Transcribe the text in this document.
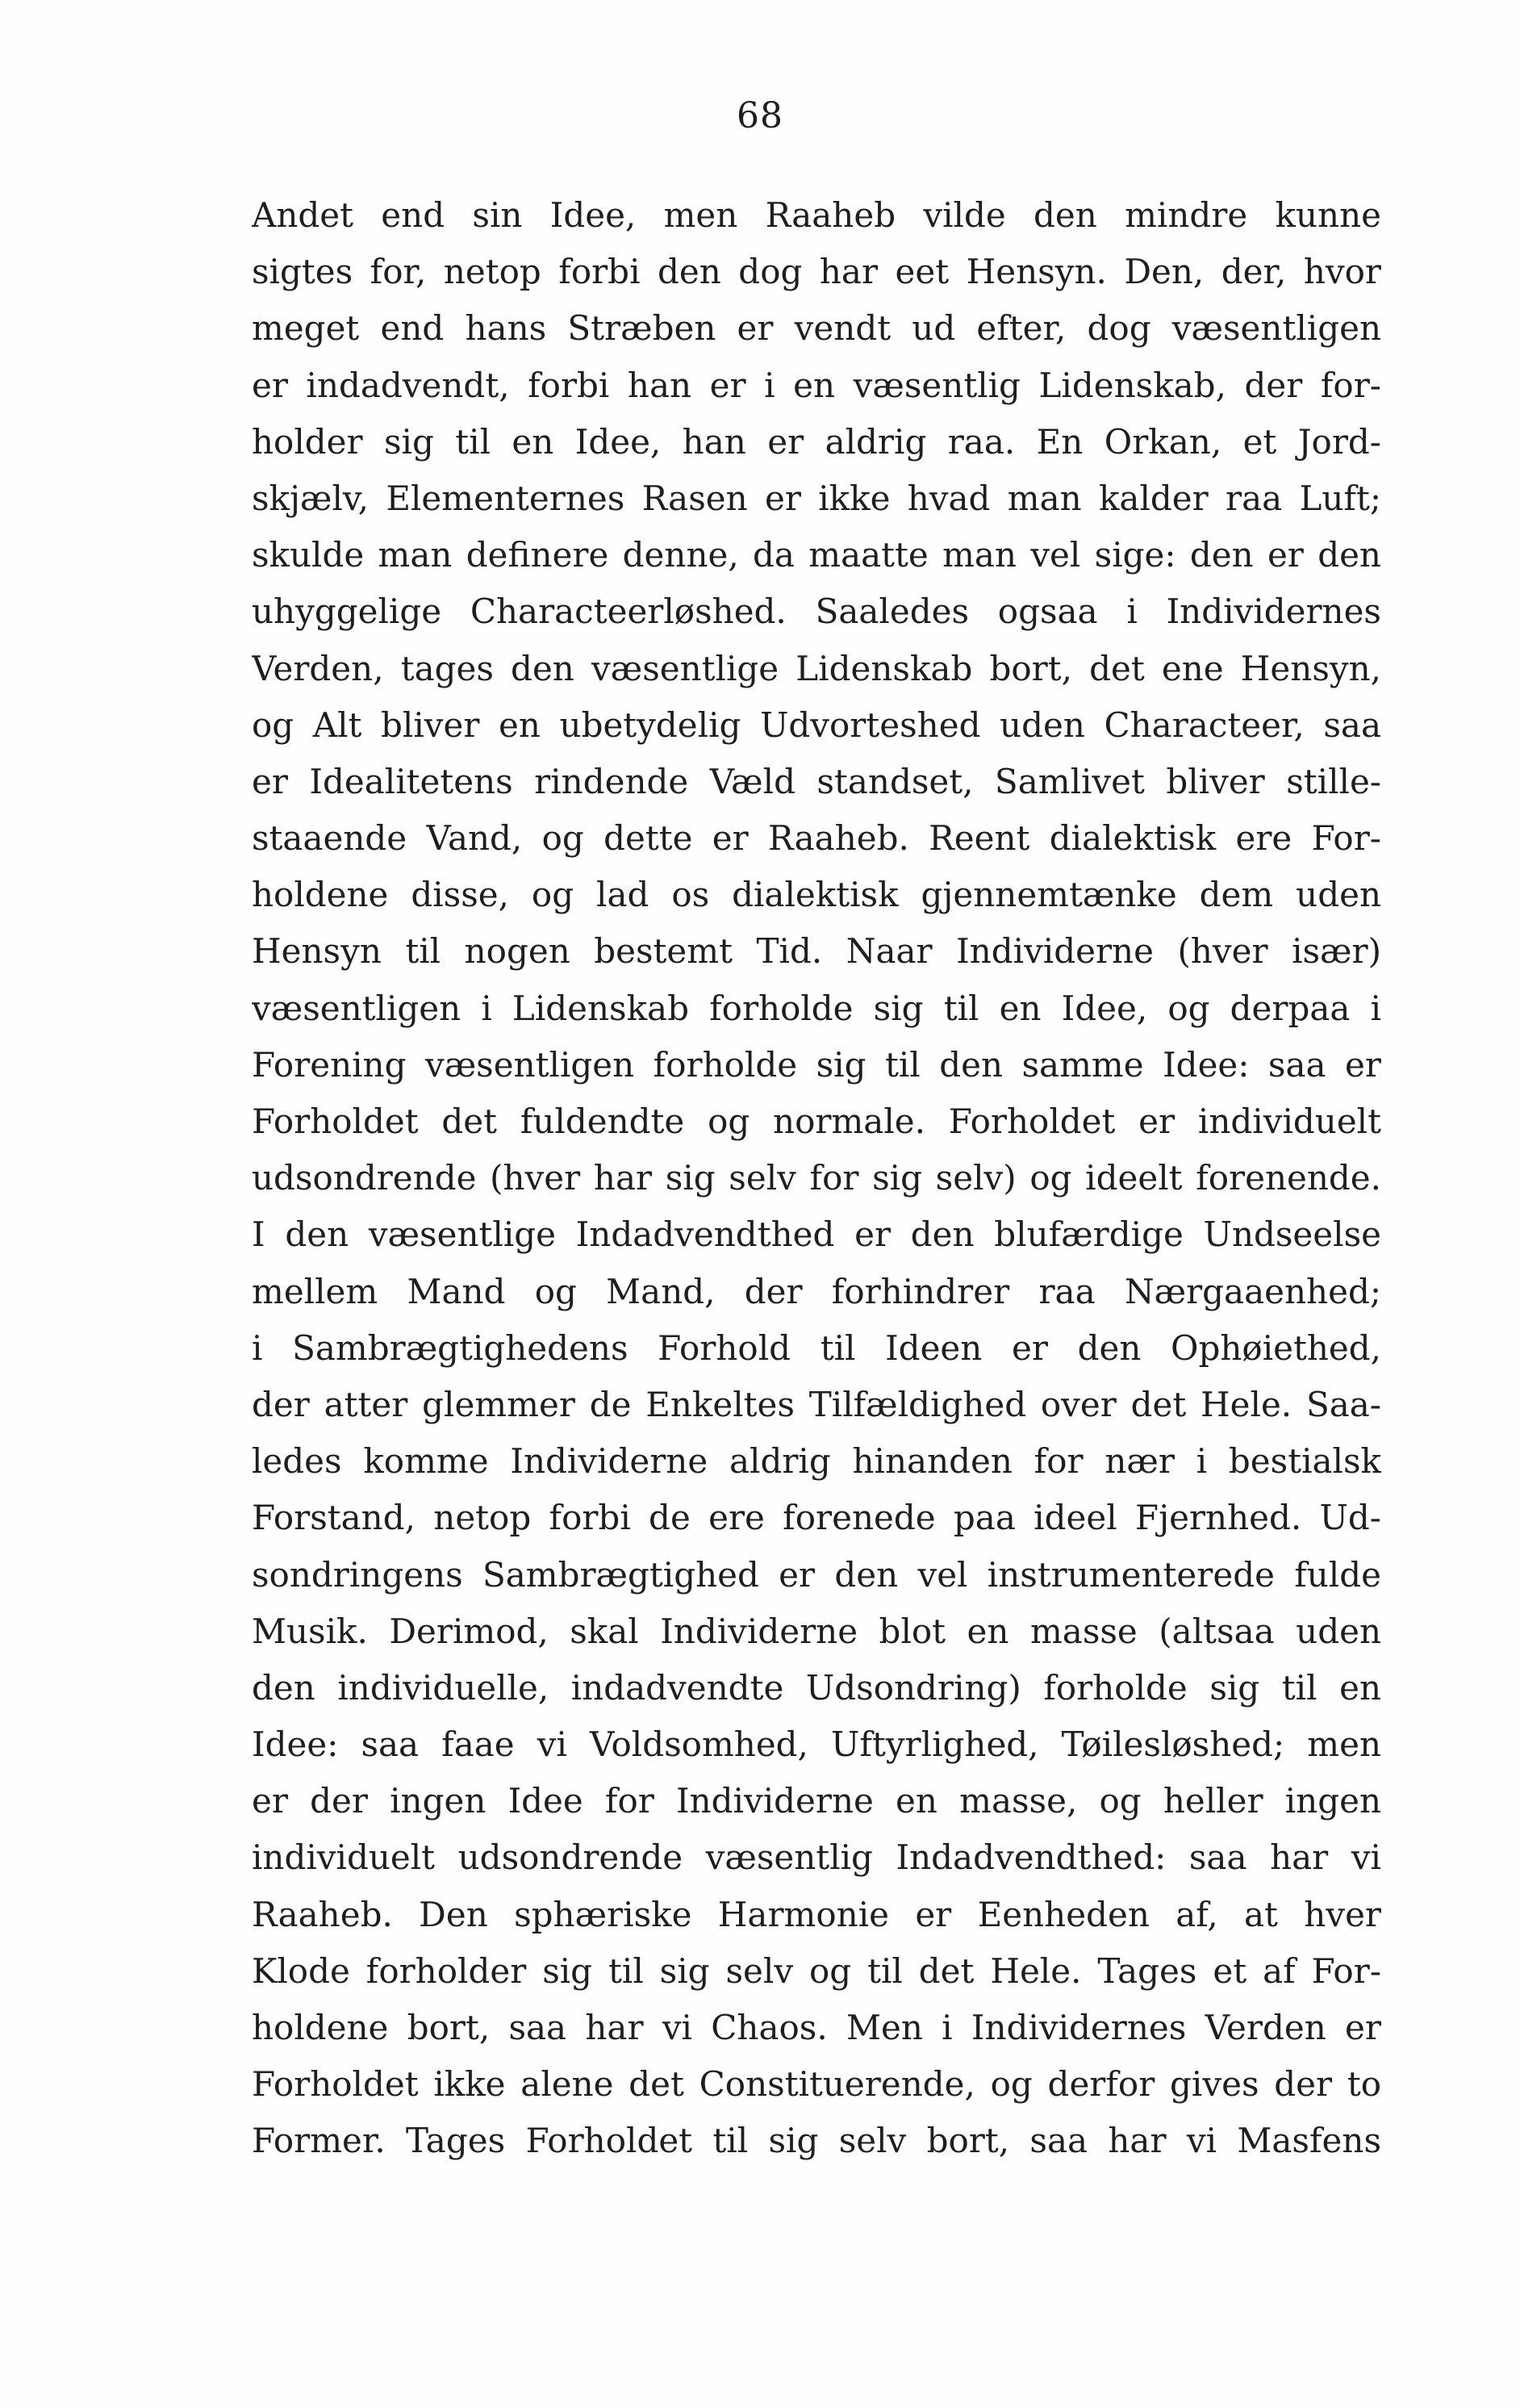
68
Andet end sin Idee, men Raaheb vilde den mindre kunne
sigtes for, netop forbi den dog har eet Hensyn. Den, der, hvor
meget end hans Stræben er vendt ud efter, dog væsentligen
er indadvendt, forbi han er i en væsentlig Lidenskab, der for-
holder sig til en Idee, han er aldrig raa. En Orkan, et Jord-
skjælv, Elementernes Rasen er ikke hvad man kalder raa Luft;
skulde man definere denne, da maatte man vel sige: den er den
uhyggelige Characteerløshed. Saaledes ogsaa i Individernes
Verden, tages den væsentlige Lidenskab bort, det ene Hensyn,
og Alt bliver en ubetydelig Udvorteshed uden Characteer, saa
er Idealitetens rindende Væld standset, Samlivet bliver stille-
staaende Vand, og dette er Raaheb. Reent dialektisk ere For-
holdene disse, og lad os dialektisk gjennemtænke dem uden
Hensyn til nogen bestemt Tid. Naar Individerne (hver især)
væsentligen i Lidenskab forholde sig til en Idee, og derpaa i
Forening væsentligen forholde sig til den samme Idee: saa er
Forholdet det fuldendte og normale. Forholdet er individuelt
udsondrende (hver har sig selv for sig selv) og ideelt forenende.
I den væsentlige Indadvendthed er den blufærdige Undseelse
mellem Mand og Mand, der forhindrer raa Nærgaaenhed;
i Sambrægtighedens Forhold til Ideen er den Ophøiethed,
der atter glemmer de Enkeltes Tilfældighed over det Hele. Saa-
ledes komme Individerne aldrig hinanden for nær i bestialsk
Forstand, netop forbi de ere forenede paa ideel Fjernhed. Ud-
sondringens Sambrægtighed er den vel instrumenterede fulde
Musik. Derimod, skal Individerne blot en masse (altsaa uden
den individuelle, indadvendte Udsondring) forholde sig til en
Idee: saa faae vi Voldsomhed, Uftyrlighed, Tøilesløshed; men
er der ingen Idee for Individerne en masse, og heller ingen
individuelt udsondrende væsentlig Indadvendthed: saa har vi
Raaheb. Den sphæriske Harmonie er Eenheden af, at hver
Klode forholder sig til sig selv og til det Hele. Tages et af For-
holdene bort, saa har vi Chaos. Men i Individernes Verden er
Forholdet ikke alene det Constituerende, og derfor gives der to
Former. Tages Forholdet til sig selv bort, saa har vi Masfens
